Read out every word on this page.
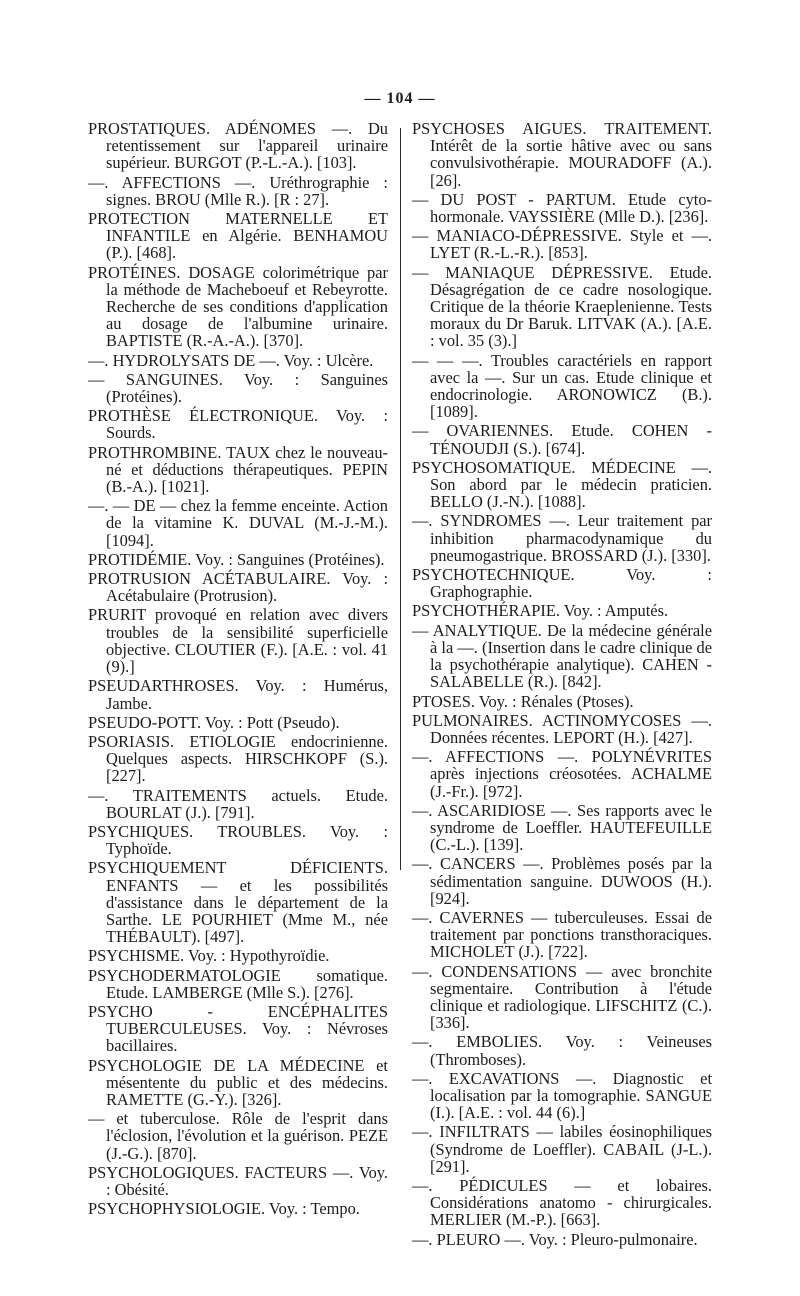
— 104 —

PROSTATIQUES. ADÉNOMES —. Du retentissement sur l'appareil urinaire supérieur. BURGOT (P.-L.-A.). [103].

—. AFFECTIONS —. Uréthrographie : signes. BROU (Mlle R.). [R : 27].

PROTECTION MATERNELLE ET INFANTILE en Algérie. BENHAMOU (P.). [468].

PROTÉINES. DOSAGE colorimétrique par la méthode de Macheboeuf et Rebeyrotte. Recherche de ses conditions d'application au dosage de l'albumine urinaire. BAPTISTE (R.-A.-A.). [370].

—. HYDROLYSATS DE —. Voy. : Ulcère.

— SANGUINES. Voy. : Sanguines (Protéines).

PROTHÈSE ÉLECTRONIQUE. Voy. : Sourds.

PROTHROMBINE. TAUX chez le nouveau-né et déductions thérapeutiques. PEPIN (B.-A.). [1021].

—. — DE — chez la femme enceinte. Action de la vitamine K. DUVAL (M.-J.-M.). [1094].

PROTIDÉMIE. Voy. : Sanguines (Protéines).

PROTRUSION ACÉTABULAIRE. Voy. : Acétabulaire (Protrusion).

PRURIT provoqué en relation avec divers troubles de la sensibilité superficielle objective. CLOUTIER (F.). [A.E. : vol. 41 (9).]

PSEUDARTHROSES. Voy. : Humérus, Jambe.

PSEUDO-POTT. Voy. : Pott (Pseudo).

PSORIASIS. ETIOLOGIE endocrinienne. Quelques aspects. HIRSCHKOPF (S.). [227].

—. TRAITEMENTS actuels. Etude. BOURLAT (J.). [791].

PSYCHIQUES. TROUBLES. Voy. : Typhoïde.

PSYCHIQUEMENT DÉFICIENTS. ENFANTS — et les possibilités d'assistance dans le département de la Sarthe. LE POURHIET (Mme M., née THÉBAULT). [497].

PSYCHISME. Voy. : Hypothyroïdie.

PSYCHODERMATOLOGIE somatique. Etude. LAMBERGE (Mlle S.). [276].

PSYCHO - ENCÉPHALITES TUBERCULEUSES. Voy. : Névroses bacillaires.

PSYCHOLOGIE DE LA MÉDECINE et mésentente du public et des médecins. RAMETTE (G.-Y.). [326].

— et tuberculose. Rôle de l'esprit dans l'éclosion, l'évolution et la guérison. PEZE (J.-G.). [870].

PSYCHOLOGIQUES. FACTEURS —. Voy. : Obésité.

PSYCHOPHYSIOLOGIE. Voy. : Tempo.

PSYCHOSES AIGUES. TRAITEMENT. Intérêt de la sortie hâtive avec ou sans convulsivothérapie. MOURADOFF (A.). [26].

— DU POST - PARTUM. Etude cyto-hormonale. VAYSSIÈRE (Mlle D.). [236].

— MANIACO-DÉPRESSIVE. Style et —. LYET (R.-L.-R.). [853].

— MANIAQUE DÉPRESSIVE. Etude. Désagrégation de ce cadre nosologique. Critique de la théorie Kraeplenienne. Tests moraux du Dr Baruk. LITVAK (A.). [A.E. : vol. 35 (3).]

— — —. Troubles caractériels en rapport avec la —. Sur un cas. Etude clinique et endocrinologie. ARONOWICZ (B.). [1089].

— OVARIENNES. Etude. COHEN - TÉNOUDJI (S.). [674].

PSYCHOSOMATIQUE. MÉDECINE —. Son abord par le médecin praticien. BELLO (J.-N.). [1088].

—. SYNDROMES —. Leur traitement par inhibition pharmacodynamique du pneumogastrique. BROSSARD (J.). [330].

PSYCHOTECHNIQUE. Voy. : Graphographie.

PSYCHOTHÉRAPIE. Voy. : Amputés.

— ANALYTIQUE. De la médecine générale à la —. (Insertion dans le cadre clinique de la psychothérapie analytique). CAHEN - SALABELLE (R.). [842].

PTOSES. Voy. : Rénales (Ptoses).

PULMONAIRES. ACTINOMYCOSES —. Données récentes. LEPORT (H.). [427].

—. AFFECTIONS —. POLYNÉVRITES après injections créosotées. ACHALME (J.-Fr.). [972].

—. ASCARIDIOSE —. Ses rapports avec le syndrome de Loeffler. HAUTEFEUILLE (C.-L.). [139].

—. CANCERS —. Problèmes posés par la sédimentation sanguine. DUWOOS (H.). [924].

—. CAVERNES — tuberculeuses. Essai de traitement par ponctions transthoraciques. MICHOLET (J.). [722].

—. CONDENSATIONS — avec bronchite segmentaire. Contribution à l'étude clinique et radiologique. LIFSCHITZ (C.). [336].

—. EMBOLIES. Voy. : Veineuses (Thromboses).

—. EXCAVATIONS —. Diagnostic et localisation par la tomographie. SANGUE (I.). [A.E. : vol. 44 (6).]

—. INFILTRATS — labiles éosinophiliques (Syndrome de Loeffler). CABAIL (J-L.). [291].

—. PÉDICULES — et lobaires. Considérations anatomo - chirurgicales. MERLIER (M.-P.). [663].

—. PLEURO —. Voy. : Pleuro-pulmonaire.
